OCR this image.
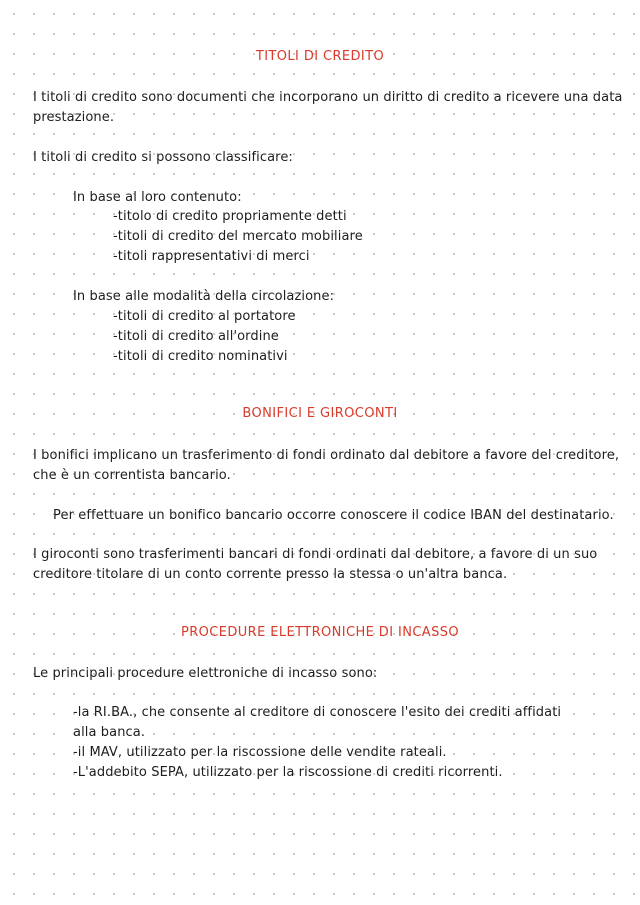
TITOLI DI CREDITO
I titoli di credito sono documenti che incorporano un diritto di credito a ricevere una data
prestazione.
I titoli di credito si possono classificare:
In base al loro contenuto:
-titolo di credito propriamente detti
-titoli di credito del mercato mobiliare
-titoli rappresentativi di merci
In base alle modalità della circolazione:
-titoli di credito al portatore
-titoli di credito all'ordine
-titoli di credito nominativi
BONIFICI E GIROCONTI
I bonifici implicano un trasferimento di fondi ordinato dal debitore a favore del creditore,
che è un correntista bancario.
Per effettuare un bonifico bancario occorre conoscere il codice IBAN del destinatario.
I giroconti sono trasferimenti bancari di fondi ordinati dal debitore, a favore di un suo
creditore titolare di un conto corrente presso la stessa o un'altra banca.
PROCEDURE ELETTRONICHE DI INCASSO
Le principali procedure elettroniche di incasso sono:
-la RI.BA., che consente al creditore di conoscere l'esito dei crediti affidati
alla banca.
-il MAV, utilizzato per la riscossione delle vendite rateali.
-L'addebito SEPA, utilizzato per la riscossione di crediti ricorrenti.
